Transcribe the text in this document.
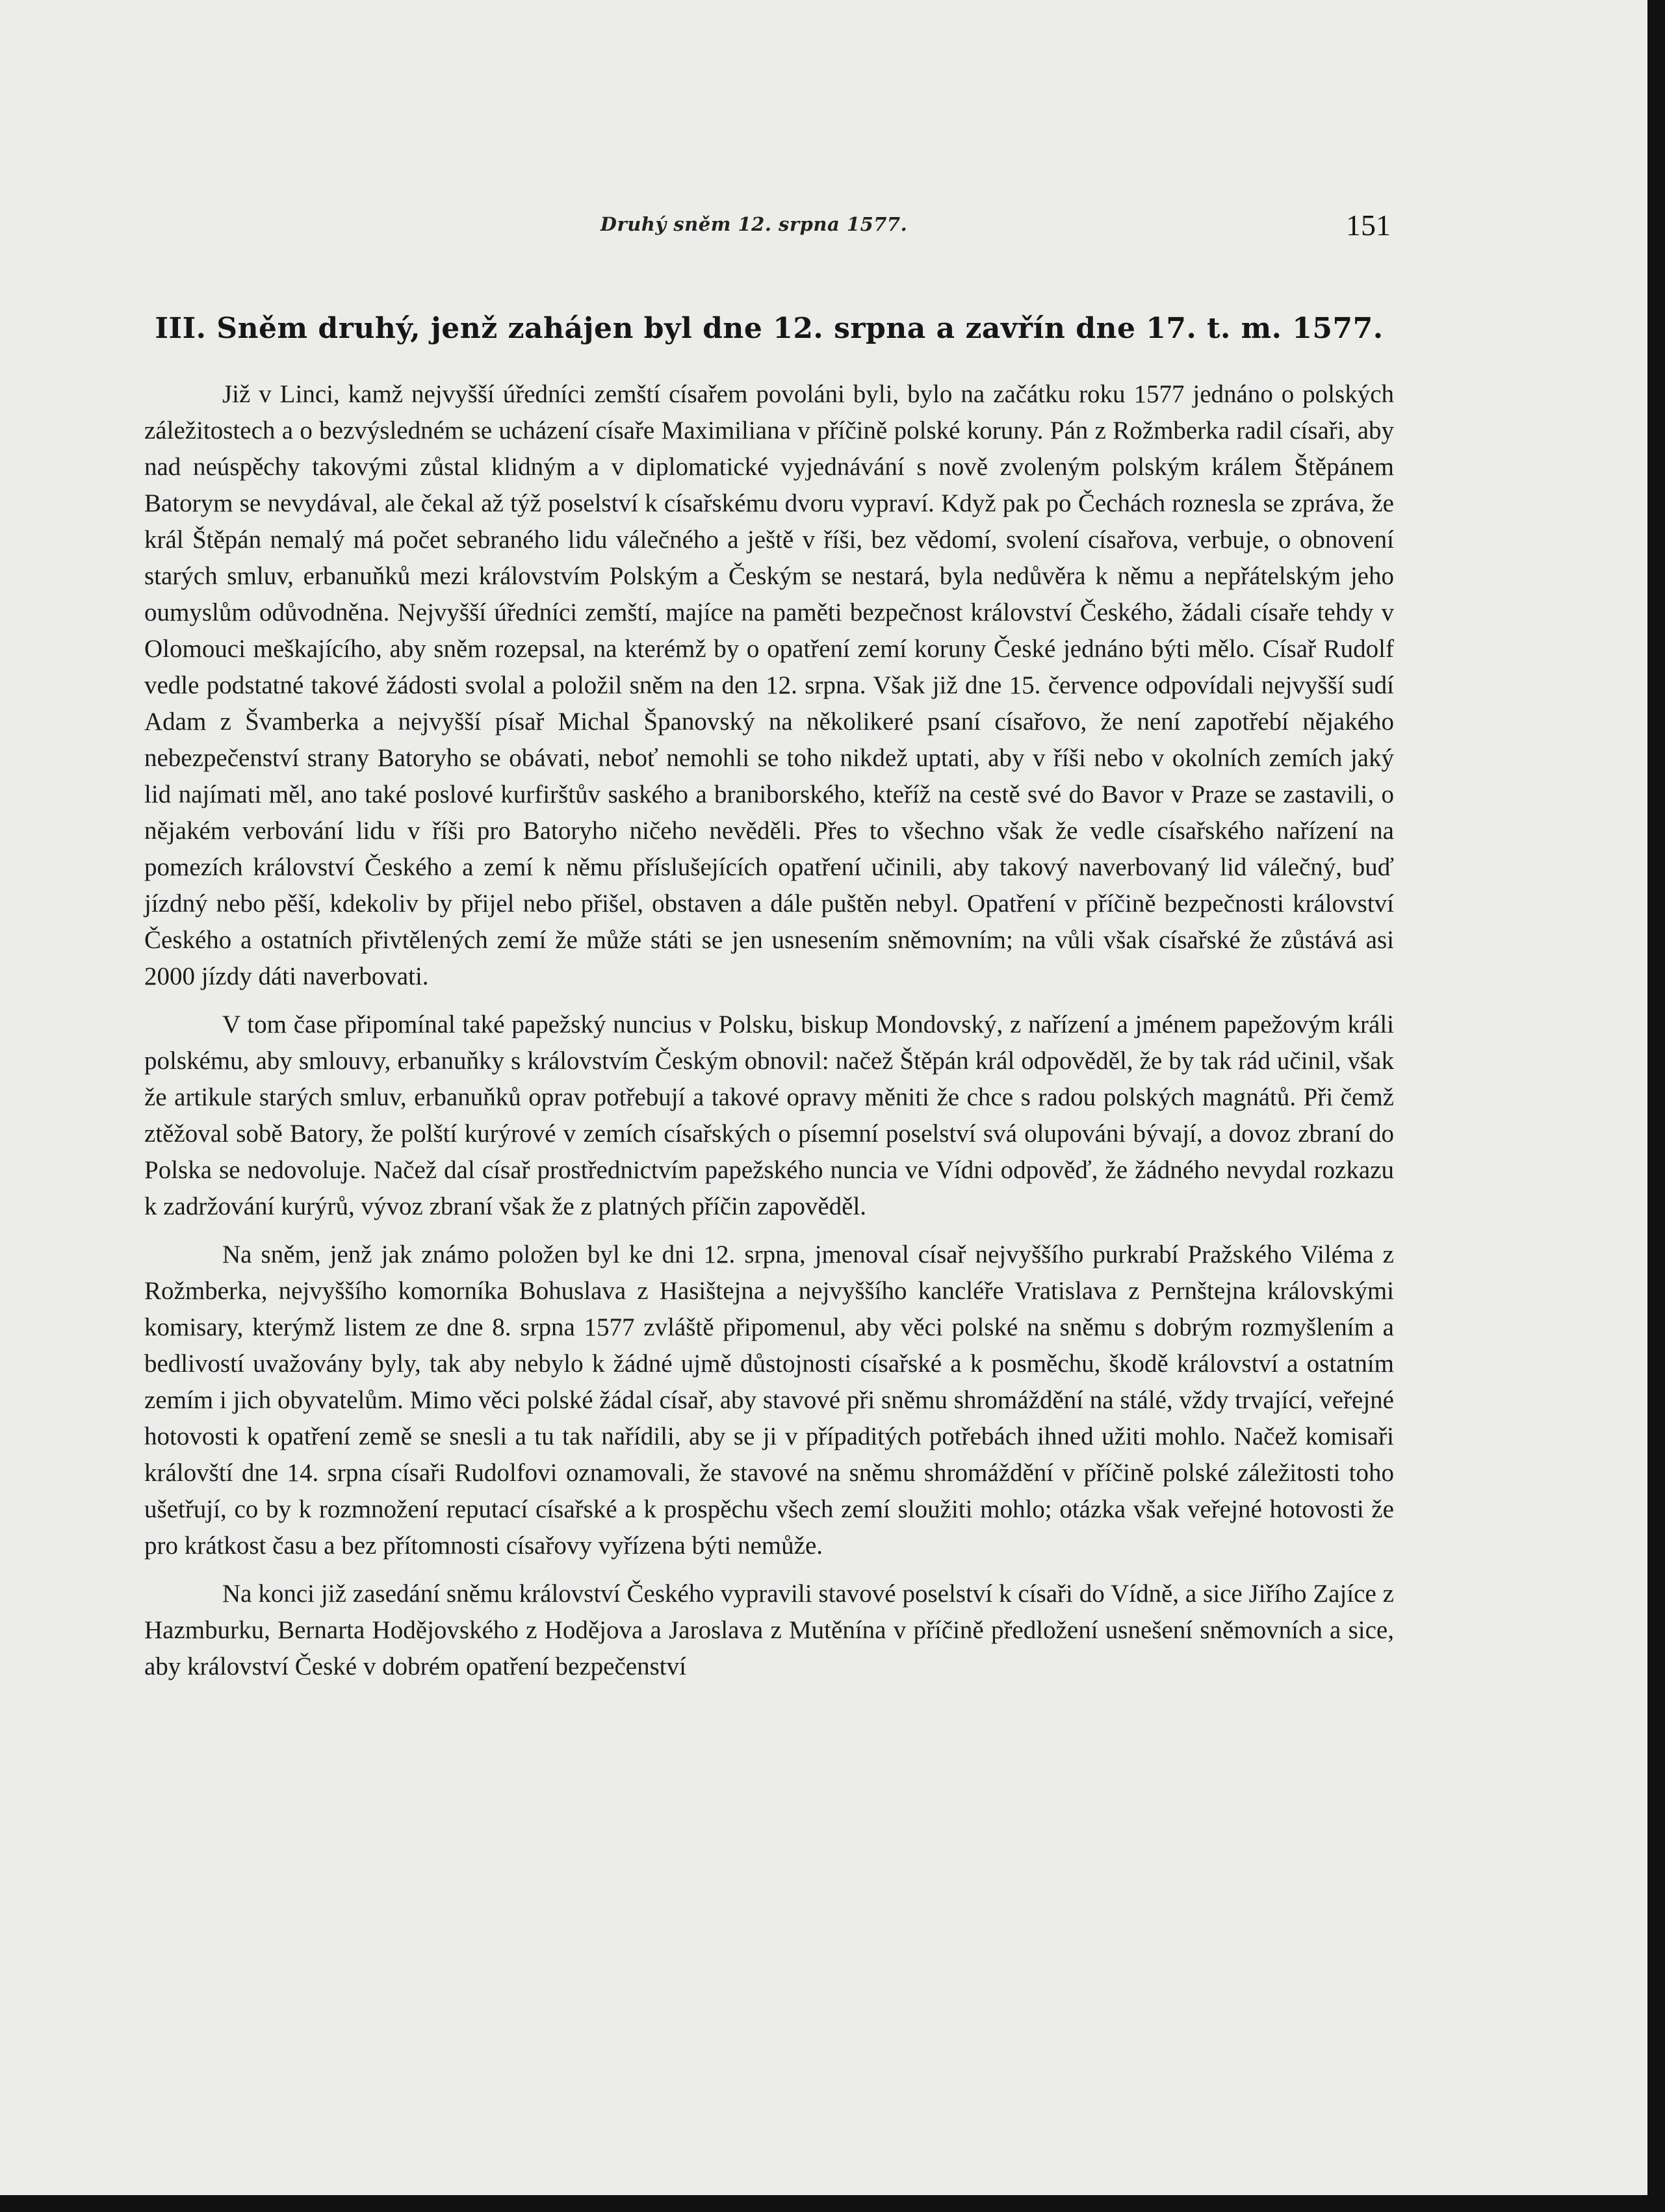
Druhý sněm 12. srpna 1577.	151
III. Sněm druhý, jenž zahájen byl dne 12. srpna a zavřín dne 17. t. m. 1577.

Již v Linci, kamž nejvyšší úředníci zemští císařem povoláni byli, bylo na začátku roku 1577 jednáno o polských záležitostech a o bezvýsledném se ucházení císaře Maximiliana v příčině polské koruny. Pán z Rožmberka radil císaři, aby nad neúspěchy takovými zůstal klidným a v diplomatické vyjednávání s nově zvoleným polským králem Štěpánem Batorym se nevydával, ale čekal až týž poselství k císařskému dvoru vypraví. Když pak po Čechách roznesla se zpráva, že král Štěpán nemalý má počet sebraného lidu válečného a ještě v říši, bez vědomí, svolení císařova, verbuje, o obnovení starých smluv, erbanuňků mezi královstvím Polským a Českým se nestará, byla nedůvěra k němu a nepřátelským jeho oumyslům odůvodněna. Nejvyšší úředníci zemští, majíce na paměti bezpečnost království Českého, žádali císaře tehdy v Olomouci meškajícího, aby sněm rozepsal, na kterémž by o opatření zemí koruny České jednáno býti mělo. Císař Rudolf vedle podstatné takové žádosti svolal a položil sněm na den 12. srpna. Však již dne 15. července odpovídali nejvyšší sudí Adam z Švamberka a nejvyšší písař Michal Španovský na několikeré psaní císařovo, že není zapotřebí nějakého nebezpečenství strany Batoryho se obávati, neboť nemohli se toho nikdež uptati, aby v říši nebo v okolních zemích jaký lid najímati měl, ano také poslové kurfirštův saského a braniborského, kteříž na cestě své do Bavor v Praze se zastavili, o nějakém verbování lidu v říši pro Batoryho ničeho nevěděli. Přes to všechno však že vedle císařského nařízení na pomezích království Českého a zemí k němu příslušejících opatření učinili, aby takový naverbovaný lid válečný, buď jízdný nebo pěší, kdekoliv by přijel nebo přišel, obstaven a dále puštěn nebyl. Opatření v příčině bezpečnosti království Českého a ostatních přivtělených zemí že může státi se jen usnesením sněmovním; na vůli však císařské že zůstává asi 2000 jízdy dáti naverbovati.

V tom čase připomínal také papežský nuncius v Polsku, biskup Mondovský, z nařízení a jménem papežovým králi polskému, aby smlouvy, erbanuňky s královstvím Českým obnovil: načež Štěpán král odpověděl, že by tak rád učinil, však že artikule starých smluv, erbanuňků oprav potřebují a takové opravy měniti že chce s radou polských magnátů. Při čemž ztěžoval sobě Batory, že polští kurýrové v zemích císařských o písemní poselství svá olupováni bývají, a dovoz zbraní do Polska se nedovoluje. Načež dal císař prostřednictvím papežského nuncia ve Vídni odpověď, že žádného nevydal rozkazu k zadržování kurýrů, vývoz zbraní však že z platných příčin zapověděl.

Na sněm, jenž jak známo položen byl ke dni 12. srpna, jmenoval císař nejvyššího purkrabí Pražského Viléma z Rožmberka, nejvyššího komorníka Bohuslava z Hasištejna a nejvyššího kancléře Vratislava z Pernštejna královskými komisary, kterýmž listem ze dne 8. srpna 1577 zvláště připomenul, aby věci polské na sněmu s dobrým rozmyšlením a bedlivostí uvažovány byly, tak aby nebylo k žádné ujmě důstojnosti císařské a k posměchu, škodě království a ostatním zemím i jich obyvatelům. Mimo věci polské žádal císař, aby stavové při sněmu shromáždění na stálé, vždy trvající, veřejné hotovosti k opatření země se snesli a tu tak nařídili, aby se ji v případitých potřebách ihned užiti mohlo. Načež komisaři královští dne 14. srpna císaři Rudolfovi oznamovali, že stavové na sněmu shromáždění v příčině polské záležitosti toho ušetřují, co by k rozmnožení reputací císařské a k prospěchu všech zemí sloužiti mohlo; otázka však veřejné hotovosti že pro krátkost času a bez přítomnosti císařovy vyřízena býti nemůže.

Na konci již zasedání sněmu království Českého vypravili stavové poselství k císaři do Vídně, a sice Jiřího Zajíce z Hazmburku, Bernarta Hodějovského z Hodějova a Jaroslava z Mutěnína v příčině předložení usnešení sněmovních a sice, aby království České v dobrém opatření bezpečenství
